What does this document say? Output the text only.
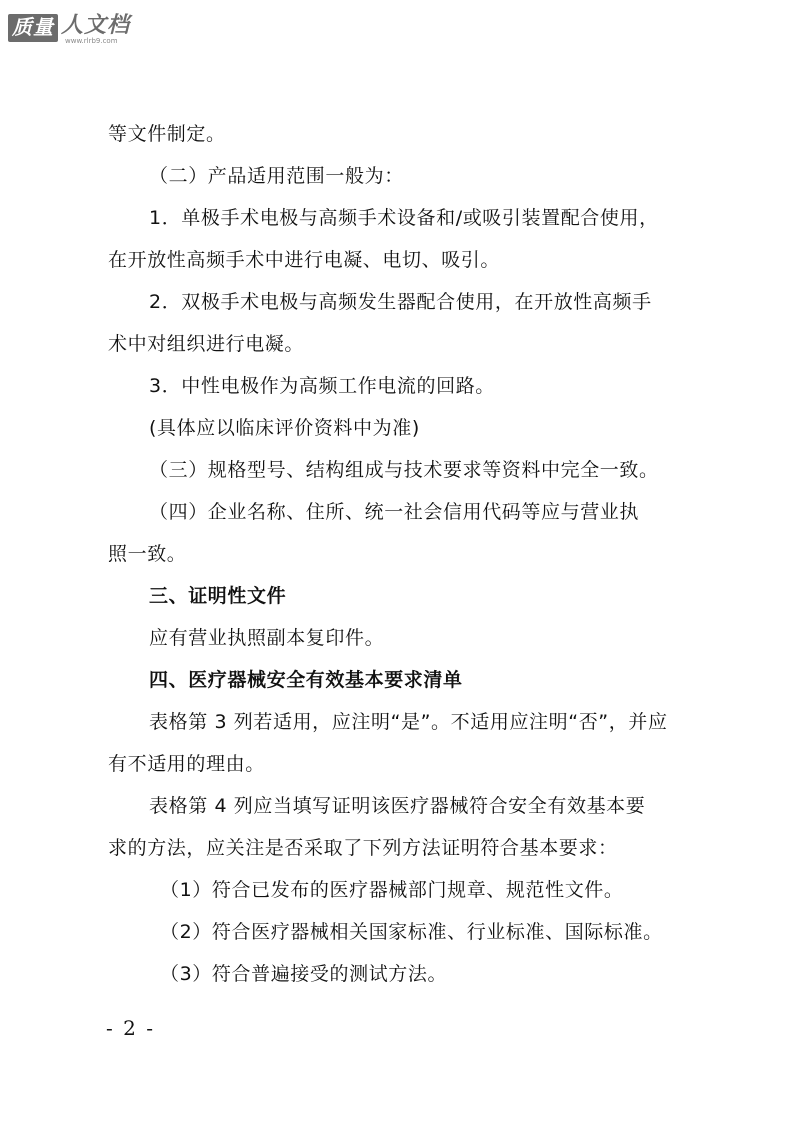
质量 人文档
www.rlrb9.com
等文件制定。
（二）产品适用范围一般为：
1．单极手术电极与高频手术设备和/或吸引装置配合使用，
在开放性高频手术中进行电凝、电切、吸引。
2．双极手术电极与高频发生器配合使用，在开放性高频手
术中对组织进行电凝。
3．中性电极作为高频工作电流的回路。
(具体应以临床评价资料中为准)
（三）规格型号、结构组成与技术要求等资料中完全一致。
（四）企业名称、住所、统一社会信用代码等应与营业执
照一致。
三、证明性文件
应有营业执照副本复印件。
四、医疗器械安全有效基本要求清单
表格第 3 列若适用，应注明“是”。不适用应注明“否”，并应
有不适用的理由。
表格第 4 列应当填写证明该医疗器械符合安全有效基本要
求的方法，应关注是否采取了下列方法证明符合基本要求：
（1）符合已发布的医疗器械部门规章、规范性文件。
（2）符合医疗器械相关国家标准、行业标准、国际标准。
（3）符合普遍接受的测试方法。
- 2 -
